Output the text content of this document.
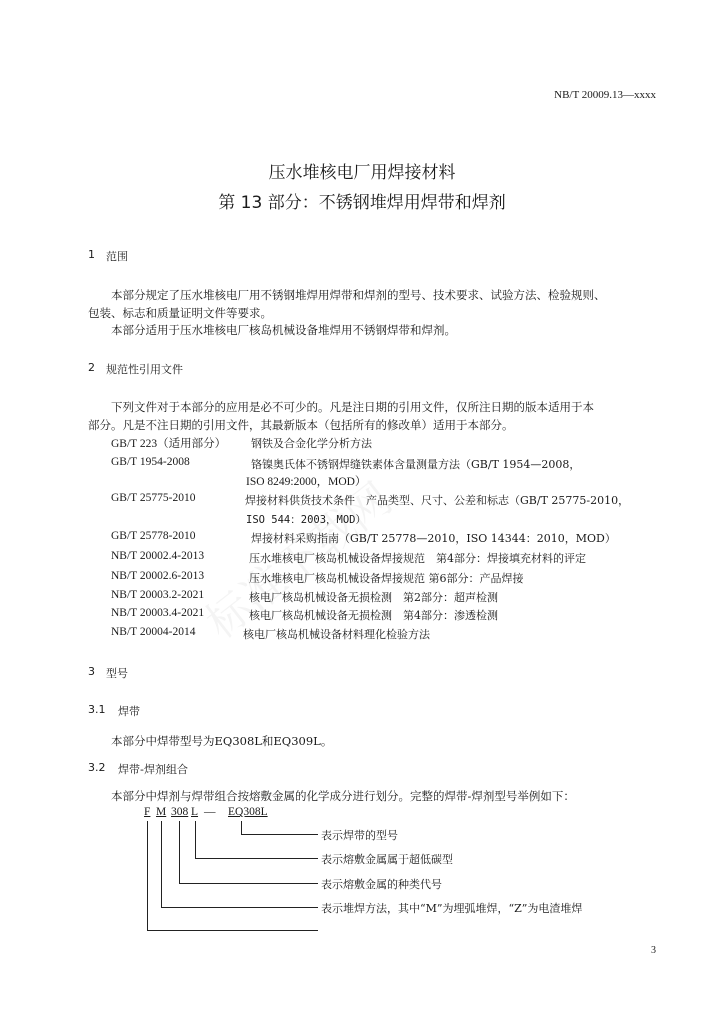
NB/T 20009.13—xxxx
压水堆核电厂用焊接材料
第 13 部分：不锈钢堆焊用焊带和焊剂
1 范围
本部分规定了压水堆核电厂用不锈钢堆焊用焊带和焊剂的型号、技术要求、试验方法、检验规则、
包装、标志和质量证明文件等要求。
本部分适用于压水堆核电厂核岛机械设备堆焊用不锈钢焊带和焊剂。
2 规范性引用文件
下列文件对于本部分的应用是必不可少的。凡是注日期的引用文件，仅所注日期的版本适用于本
部分。凡是不注日期的引用文件，其最新版本（包括所有的修改单）适用于本部分。
GB/T 223（适用部分） 钢铁及合金化学分析方法
GB/T 1954-2008	铬镍奥氏体不锈钢焊缝铁素体含量测量方法（GB/T 1954—2008，
ISO 8249:2000，MOD）
GB/T 25775-2010	焊接材料供货技术条件　产品类型、尺寸、公差和标志（GB/T 25775-2010，
ISO 544：2003，MOD）
GB/T 25778-2010	焊接材料采购指南（GB/T 25778—2010，ISO 14344：2010，MOD）
NB/T 20002.4-2013	压水堆核电厂核岛机械设备焊接规范　第4部分：焊接填充材料的评定
NB/T 20002.6-2013	压水堆核电厂核岛机械设备焊接规范 第6部分：产品焊接
NB/T 20003.2-2021	核电厂核岛机械设备无损检测　第2部分：超声检测
NB/T 20003.4-2021	核电厂核岛机械设备无损检测　第4部分：渗透检测
NB/T 20004-2014	核电厂核岛机械设备材料理化检验方法
3 型号
3.1 焊带
本部分中焊带型号为EQ308L和EQ309L。
3.2 焊带-焊剂组合
本部分中焊剂与焊带组合按熔敷金属的化学成分进行划分。完整的焊带-焊剂型号举例如下：
F M 308 L — EQ308L
表示焊带的型号
表示熔敷金属属于超低碳型
表示熔敷金属的种类代号
表示堆焊方法，其中“M”为埋弧堆焊，“Z”为电渣堆焊
3
